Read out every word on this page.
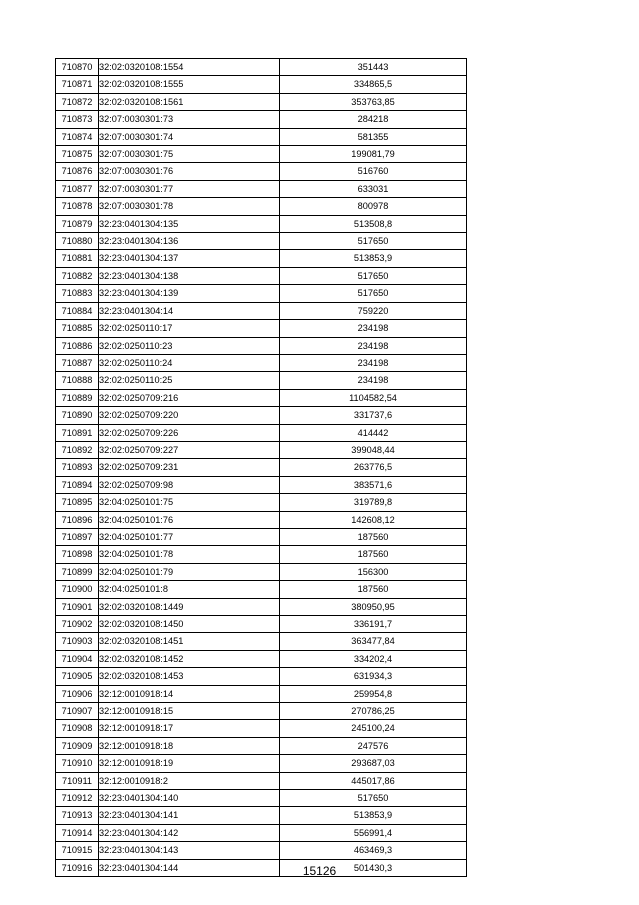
710870	32:02:0320108:1554	351443
710871	32:02:0320108:1555	334865,5
710872	32:02:0320108:1561	353763,85
710873	32:07:0030301:73	284218
710874	32:07:0030301:74	581355
710875	32:07:0030301:75	199081,79
710876	32:07:0030301:76	516760
710877	32:07:0030301:77	633031
710878	32:07:0030301:78	800978
710879	32:23:0401304:135	513508,8
710880	32:23:0401304:136	517650
710881	32:23:0401304:137	513853,9
710882	32:23:0401304:138	517650
710883	32:23:0401304:139	517650
710884	32:23:0401304:14	759220
710885	32:02:0250110:17	234198
710886	32:02:0250110:23	234198
710887	32:02:0250110:24	234198
710888	32:02:0250110:25	234198
710889	32:02:0250709:216	1104582,54
710890	32:02:0250709:220	331737,6
710891	32:02:0250709:226	414442
710892	32:02:0250709:227	399048,44
710893	32:02:0250709:231	263776,5
710894	32:02:0250709:98	383571,6
710895	32:04:0250101:75	319789,8
710896	32:04:0250101:76	142608,12
710897	32:04:0250101:77	187560
710898	32:04:0250101:78	187560
710899	32:04:0250101:79	156300
710900	32:04:0250101:8	187560
710901	32:02:0320108:1449	380950,95
710902	32:02:0320108:1450	336191,7
710903	32:02:0320108:1451	363477,84
710904	32:02:0320108:1452	334202,4
710905	32:02:0320108:1453	631934,3
710906	32:12:0010918:14	259954,8
710907	32:12:0010918:15	270786,25
710908	32:12:0010918:17	245100,24
710909	32:12:0010918:18	247576
710910	32:12:0010918:19	293687,03
710911	32:12:0010918:2	445017,86
710912	32:23:0401304:140	517650
710913	32:23:0401304:141	513853,9
710914	32:23:0401304:142	556991,4
710915	32:23:0401304:143	463469,3
710916	32:23:0401304:144	501430,3
15126
